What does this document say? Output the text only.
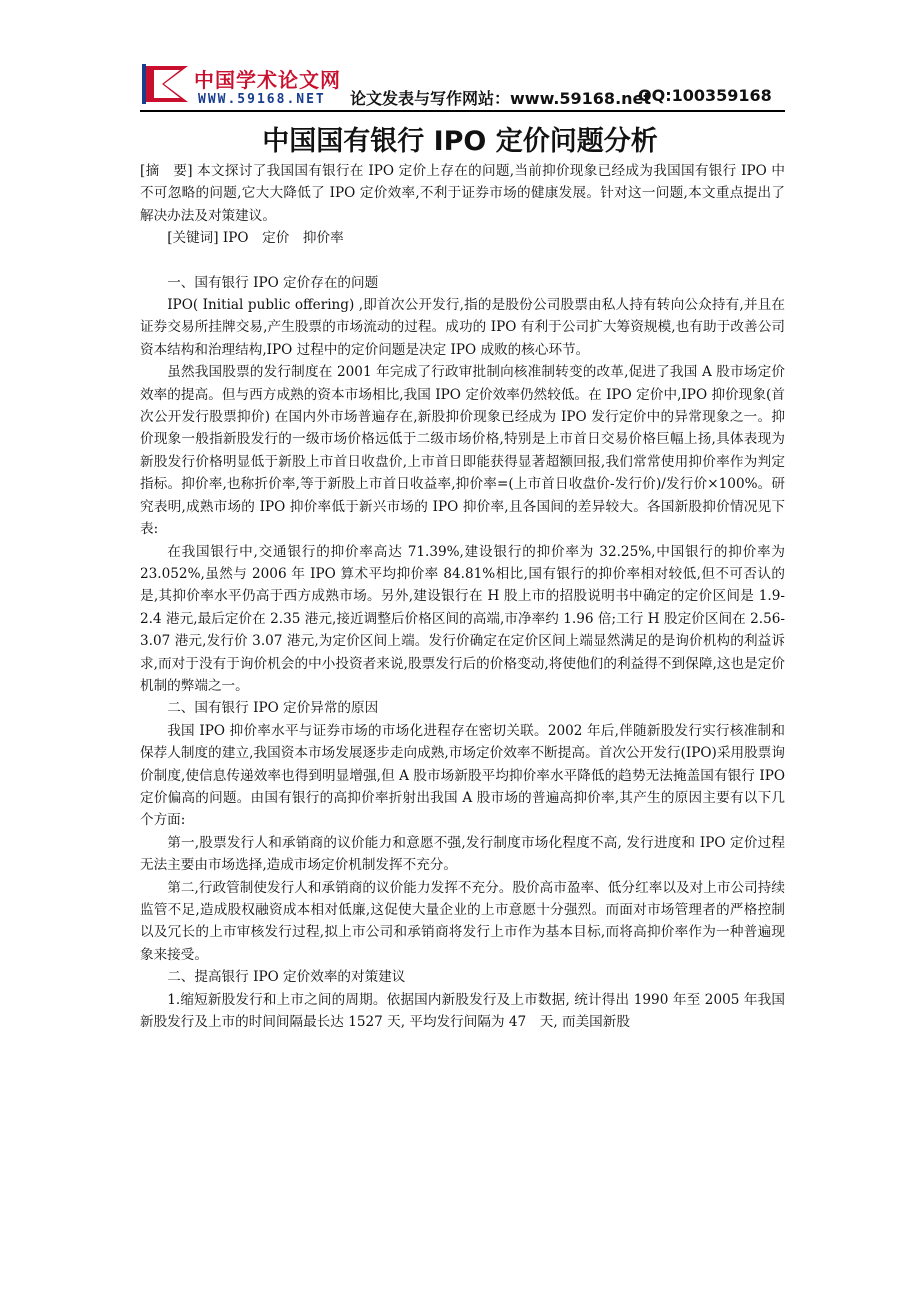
中国学术论文网
WWW.59168.NET 论文发表与写作网站：www.59168.net
QQ:100359168
中国国有银行 IPO 定价问题分析

[摘　要] 本文探讨了我国国有银行在 IPO 定价上存在的问题,当前抑价现象已经成为我国国有银行 IPO 中不可忽略的问题,它大大降低了 IPO 定价效率,不利于证券市场的健康发展。针对这一问题,本文重点提出了解决办法及对策建议。

[关键词] IPO　定价　抑价率

一、国有银行 IPO 定价存在的问题

IPO( Initial public offering) ,即首次公开发行,指的是股份公司股票由私人持有转向公众持有,并且在证券交易所挂牌交易,产生股票的市场流动的过程。成功的 IPO 有利于公司扩大筹资规模,也有助于改善公司资本结构和治理结构,IPO 过程中的定价问题是决定 IPO 成败的核心环节。

虽然我国股票的发行制度在 2001 年完成了行政审批制向核准制转变的改革,促进了我国 A 股市场定价效率的提高。但与西方成熟的资本市场相比,我国 IPO 定价效率仍然较低。在 IPO 定价中,IPO 抑价现象(首次公开发行股票抑价) 在国内外市场普遍存在,新股抑价现象已经成为 IPO 发行定价中的异常现象之一。抑价现象一般指新股发行的一级市场价格远低于二级市场价格,特别是上市首日交易价格巨幅上扬,具体表现为新股发行价格明显低于新股上市首日收盘价,上市首日即能获得显著超额回报,我们常常使用抑价率作为判定指标。抑价率,也称折价率,等于新股上市首日收益率,抑价率=(上市首日收盘价-发行价)/发行价×100%。研究表明,成熟市场的 IPO 抑价率低于新兴市场的 IPO 抑价率,且各国间的差异较大。各国新股抑价情况见下表:

在我国银行中,交通银行的抑价率高达 71.39%,建设银行的抑价率为 32.25%,中国银行的抑价率为 23.052%,虽然与 2006 年 IPO 算术平均抑价率 84.81%相比,国有银行的抑价率相对较低,但不可否认的是,其抑价率水平仍高于西方成熟市场。另外,建设银行在 H 股上市的招股说明书中确定的定价区间是 1.9-2.4 港元,最后定价在 2.35 港元,接近调整后价格区间的高端,市净率约 1.96 倍;工行 H 股定价区间在 2.56-3.07 港元,发行价 3.07 港元,为定价区间上端。发行价确定在定价区间上端显然满足的是询价机构的利益诉求,而对于没有于询价机会的中小投资者来说,股票发行后的价格变动,将使他们的利益得不到保障,这也是定价机制的弊端之一。

二、国有银行 IPO 定价异常的原因

我国 IPO 抑价率水平与证券市场的市场化进程存在密切关联。2002 年后,伴随新股发行实行核准制和保荐人制度的建立,我国资本市场发展逐步走向成熟,市场定价效率不断提高。首次公开发行(IPO)采用股票询价制度,使信息传递效率也得到明显增强,但 A 股市场新股平均抑价率水平降低的趋势无法掩盖国有银行 IPO 定价偏高的问题。由国有银行的高抑价率折射出我国 A 股市场的普遍高抑价率,其产生的原因主要有以下几个方面:

第一,股票发行人和承销商的议价能力和意愿不强,发行制度市场化程度不高, 发行进度和 IPO 定价过程无法主要由市场选择,造成市场定价机制发挥不充分。

第二,行政管制使发行人和承销商的议价能力发挥不充分。股价高市盈率、低分红率以及对上市公司持续监管不足,造成股权融资成本相对低廉,这促使大量企业的上市意愿十分强烈。而面对市场管理者的严格控制以及冗长的上市审核发行过程,拟上市公司和承销商将发行上市作为基本目标,而将高抑价率作为一种普遍现象来接受。

二、提高银行 IPO 定价效率的对策建议

1.缩短新股发行和上市之间的周期。依据国内新股发行及上市数据, 统计得出 1990 年至 2005 年我国新股发行及上市的时间间隔最长达 1527 天, 平均发行间隔为 47　天, 而美国新股
